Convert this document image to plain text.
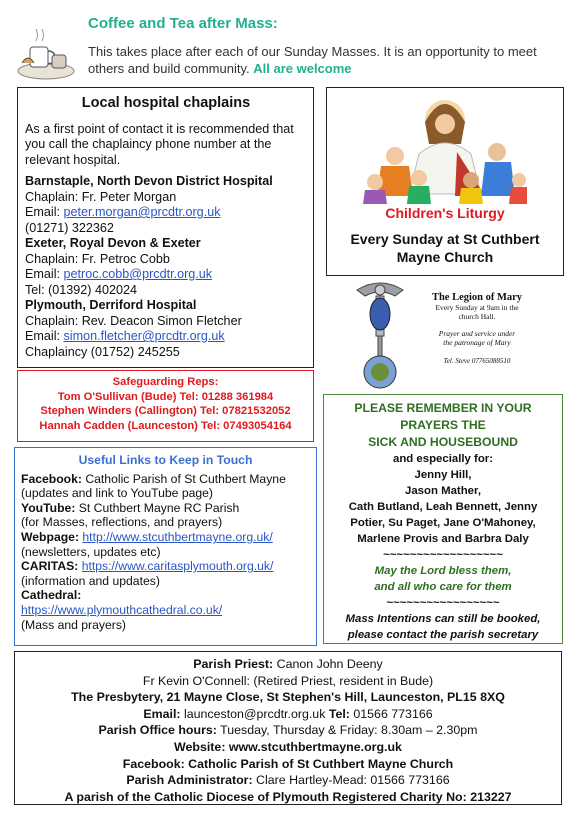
Coffee and Tea after Mass:
This takes place after each of our Sunday Masses. It is an opportunity to meet others and build community. All are welcome
Local hospital chaplains

As a first point of contact it is recommended that you call the chaplaincy phone number at the relevant hospital.

Barnstaple, North Devon District Hospital

Chaplain: Fr. Peter Morgan

Email: peter.morgan@prcdtr.org.uk

(01271) 322362

Exeter, Royal Devon & Exeter

Chaplain: Fr. Petroc Cobb

Email: petroc.cobb@prcdtr.org.uk

Tel: (01392) 402024

Plymouth, Derriford Hospital

Chaplain: Rev. Deacon Simon Fletcher

Email: simon.fletcher@prcdtr.org.uk

Chaplaincy (01752) 245255

Children's Liturgy
Every Sunday at St Cuthbert
Mayne Church
The Legion of Mary
Every Sunday at 9am in the
church Hall.
Prayer and service under
the patronage of Mary
Tel. Steve 07765088510
Safeguarding Reps:
Tom O'Sullivan (Bude) Tel: 01288 361984
Stephen Winders (Callington) Tel: 07821532052
Hannah Cadden (Launceston) Tel: 07493054164
Useful Links to Keep in Touch

Facebook: Catholic Parish of St Cuthbert Mayne

(updates and link to YouTube page)

YouTube: St Cuthbert Mayne RC Parish

(for Masses, reflections, and prayers)

Webpage: http://www.stcuthbertmayne.org.uk/

(newsletters, updates etc)

CARITAS: https://www.caritasplymouth.org.uk/

(information and updates)

Cathedral:

https://www.plymouthcathedral.co.uk/

(Mass and prayers)

PLEASE REMEMBER IN YOUR
PRAYERS THE
SICK AND HOUSEBOUND
and especially for:
Jenny Hill,
Jason Mather,
Cath Butland, Leah Bennett, Jenny
Potier, Su Paget, Jane O'Mahoney,
Marlene Provis and Barbra Daly
~~~~~~~~~~~~~~~~~~
May the Lord bless them,
and all who care for them
~~~~~~~~~~~~~~~~~
Mass Intentions can still be booked,
please contact the parish secretary
Parish Priest: Canon John Deeny
Fr Kevin O'Connell: (Retired Priest, resident in Bude)
The Presbytery, 21 Mayne Close, St Stephen's Hill, Launceston, PL15 8XQ
Email: launceston@prcdtr.org.uk Tel: 01566 773166
Parish Office hours: Tuesday, Thursday & Friday: 8.30am – 2.30pm
Website: www.stcuthbertmayne.org.uk
Facebook: Catholic Parish of St Cuthbert Mayne Church
Parish Administrator: Clare Hartley-Mead: 01566 773166
A parish of the Catholic Diocese of Plymouth Registered Charity No: 213227
